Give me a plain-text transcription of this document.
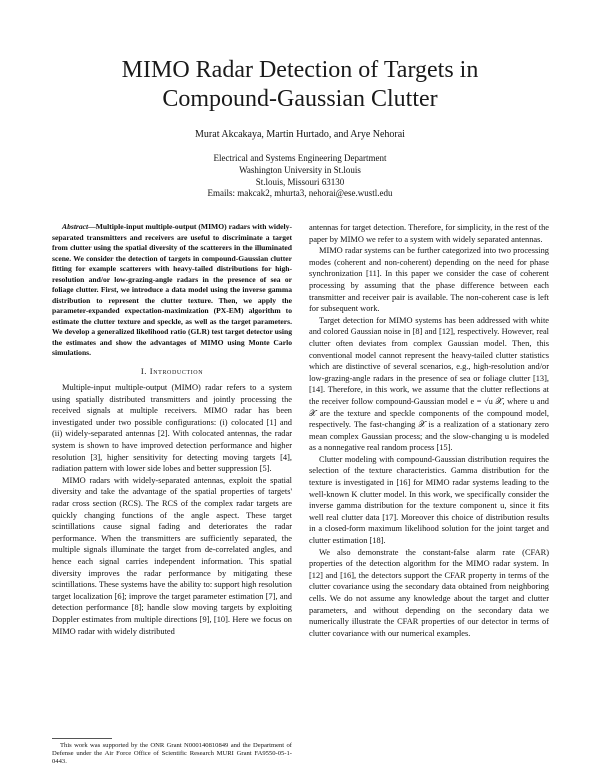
MIMO Radar Detection of Targets in
Compound-Gaussian Clutter
Murat Akcakaya, Martin Hurtado, and Arye Nehorai
Electrical and Systems Engineering Department
Washington University in St.louis
St.louis, Missouri 63130
Emails: makcak2, mhurta3, nehorai@ese.wustl.edu

Abstract—Multiple-input multiple-output (MIMO) radars with widely-separated transmitters and receivers are useful to discriminate a target from clutter using the spatial diversity of the scatterers in the illuminated scene. We consider the detection of targets in compound-Gaussian clutter fitting for example scatterers with heavy-tailed distributions for high-resolution and/or low-grazing-angle radars in the presence of sea or foliage clutter. First, we introduce a data model using the inverse gamma distribution to represent the clutter texture. Then, we apply the parameter-expanded expectation-maximization (PX-EM) algorithm to estimate the clutter texture and speckle, as well as the target parameters. We develop a generalized likelihood ratio (GLR) test target detector using the estimates and show the advantages of MIMO using Monte Carlo simulations.

I. Introduction

Multiple-input multiple-output (MIMO) radar refers to a system using spatially distributed transmitters and jointly processing the received signals at multiple receivers. MIMO radar has been investigated under two possible configurations: (i) colocated [1] and (ii) widely-separated antennas [2]. With colocated antennas, the radar system is shown to have improved detection performance and higher resolution [3], higher sensitivity for detecting moving targets [4], radiation pattern with lower side lobes and better suppression [5].

MIMO radars with widely-separated antennas, exploit the spatial diversity and take the advantage of the spatial properties of targets' radar cross section (RCS). The RCS of the complex radar targets are quickly changing functions of the angle aspect. These target scintillations cause signal fading and deteriorates the radar performance. When the transmitters are sufficiently separated, the multiple signals illuminate the target from de-correlated angles, and hence each signal carries independent information. This spatial diversity improves the radar performance by mitigating these scintillations. These systems have the ability to: support high resolution target localization [6]; improve the target parameter estimation [7], and detection performance [8]; handle slow moving targets by exploiting Doppler estimates from multiple directions [9], [10]. Here we focus on MIMO radar with widely distributed

This work was supported by the ONR Grant N000140810849 and the Department of Defense under the Air Force Office of Scientific Research MURI Grant FA9550-05-1-0443.

antennas for target detection. Therefore, for simplicity, in the rest of the paper by MIMO we refer to a system with widely separated antennas.

MIMO radar systems can be further categorized into two processing modes (coherent and non-coherent) depending on the need for phase synchronization [11]. In this paper we consider the case of coherent processing by assuming that the phase difference between each transmitter and receiver pair is available. The non-coherent case is left for subsequent work.

Target detection for MIMO systems has been addressed with white and colored Gaussian noise in [8] and [12], respectively. However, real clutter often deviates from complex Gaussian model. Then, this conventional model cannot represent the heavy-tailed clutter statistics which are distinctive of several scenarios, e.g., high-resolution and/or low-grazing-angle radars in the presence of sea or foliage clutter [13], [14]. Therefore, in this work, we assume that the clutter reflections at the receiver follow compound-Gaussian model e = √u 𝒳, where u and 𝒳 are the texture and speckle components of the compound model, respectively. The fast-changing 𝒳 is a realization of a stationary zero mean complex Gaussian process; and the slow-changing u is modeled as a nonnegative real random process [15].

Clutter modeling with compound-Gaussian distribution requires the selection of the texture characteristics. Gamma distribution for the texture is investigated in [16] for MIMO radar systems leading to the well-known K clutter model. In this work, we specifically consider the inverse gamma distribution for the texture component u, since it fits well real clutter data [17]. Moreover this choice of distribution results in a closed-form maximum likelihood solution for the joint target and clutter estimation [18].

We also demonstrate the constant-false alarm rate (CFAR) properties of the detection algorithm for the MIMO radar system. In [12] and [16], the detectors support the CFAR property in terms of the clutter covariance using the secondary data obtained from neighboring cells. We do not assume any knowledge about the target and clutter parameters, and without depending on the secondary data we numerically illustrate the CFAR properties of our detector in terms of clutter covariance with our numerical examples.
